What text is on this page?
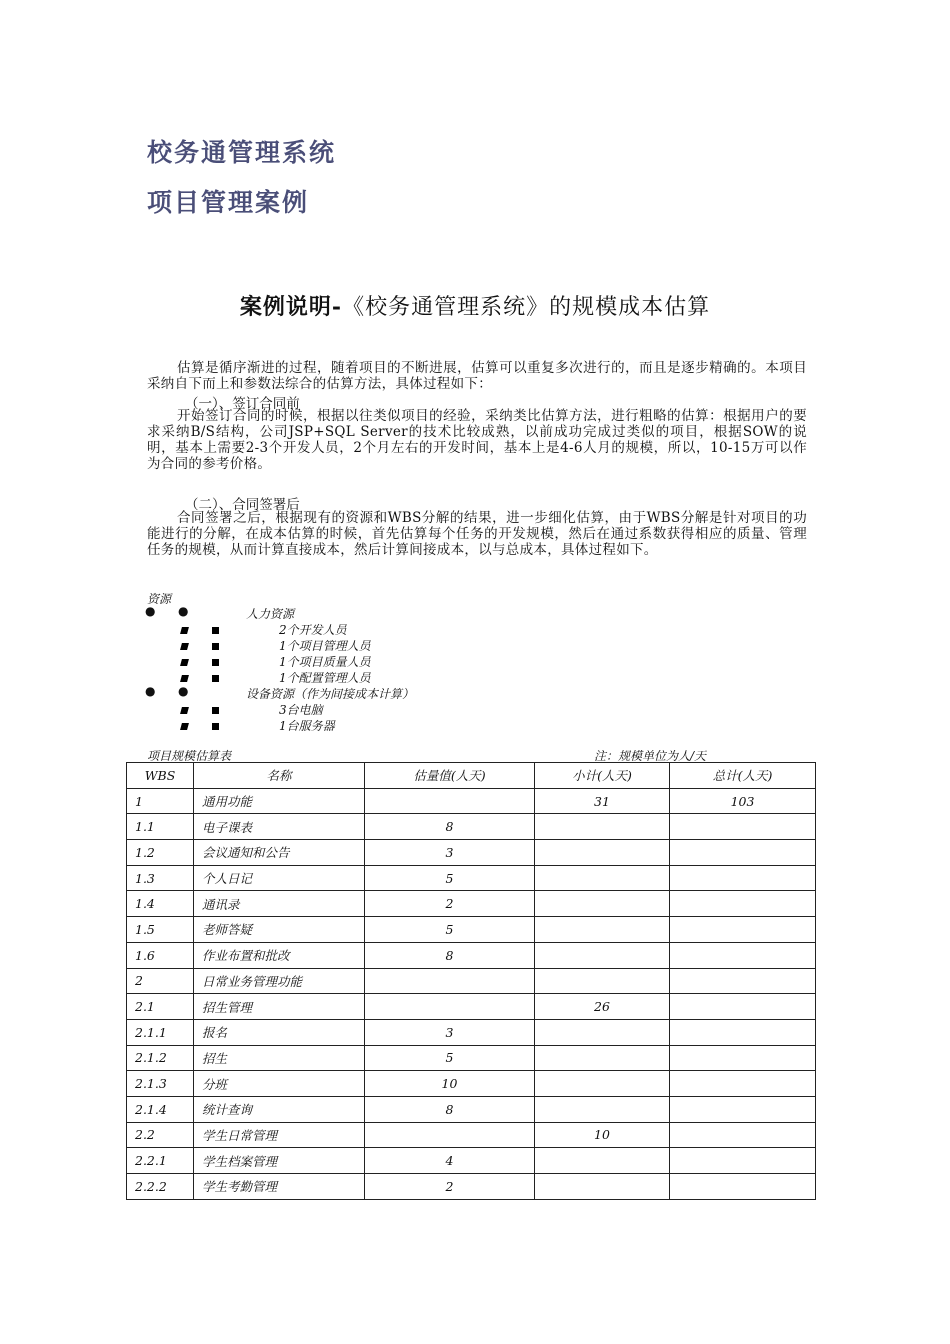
校务通管理系统
项目管理案例
案例说明-《校务通管理系统》的规模成本估算
估算是循序渐进的过程，随着项目的不断进展，估算可以重复多次进行的，而且是逐步精确的。本项目采纳自下而上和参数法综合的估算方法，具体过程如下：
（一）、签订合同前
开始签订合同的时候，根据以往类似项目的经验，采纳类比估算方法，进行粗略的估算：根据用户的要求采纳B/S结构，公司JSP+SQL Server的技术比较成熟，以前成功完成过类似的项目，根据SOW的说明，基本上需要2-3个开发人员，2个月左右的开发时间，基本上是4-6人月的规模，所以，10-15万可以作为合同的参考价格。
（二）、合同签署后
合同签署之后，根据现有的资源和WBS分解的结果，进一步细化估算，由于WBS分解是针对项目的功能进行的分解，在成本估算的时候，首先估算每个任务的开发规模，然后在通过系数获得相应的质量、管理任务的规模，从而计算直接成本，然后计算间接成本，以与总成本，具体过程如下。
资源
● ●	人力资源
2个开发人员
1个项目管理人员
1个项目质量人员
1个配置管理人员
● ●	设备资源（作为间接成本计算）
3台电脑
1台服务器
项目规模估算表	注：规模单位为人/天
WBS	名称	估量值(人天)	小计(人天)	总计(人天)
1	通用功能		31	103
1.1	电子课表	8		
1.2	会议通知和公告	3		
1.3	个人日记	5		
1.4	通讯录	2		
1.5	老师答疑	5		
1.6	作业布置和批改	8		
2	日常业务管理功能			
2.1	招生管理		26	
2.1.1	报名	3		
2.1.2	招生	5		
2.1.3	分班	10		
2.1.4	统计查询	8		
2.2	学生日常管理		10	
2.2.1	学生档案管理	4		
2.2.2	学生考勤管理	2		
